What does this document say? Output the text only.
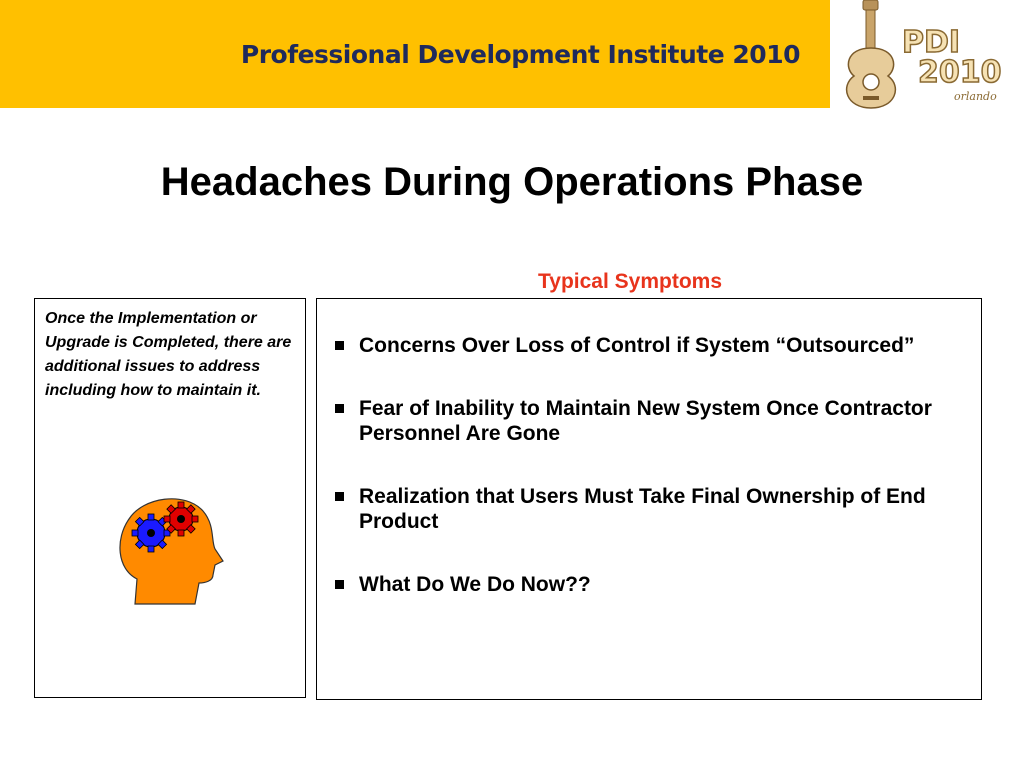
Professional Development Institute 2010	PDI
2010
orlando
Headaches During Operations Phase
Typical Symptoms
Once the Implementation or Upgrade is Completed, there are additional issues to address including how to maintain it.
Concerns Over Loss of Control if System “Outsourced”
Fear of Inability to Maintain New System Once Contractor Personnel Are Gone
Realization that Users Must Take Final Ownership of End Product
What Do We Do Now??
